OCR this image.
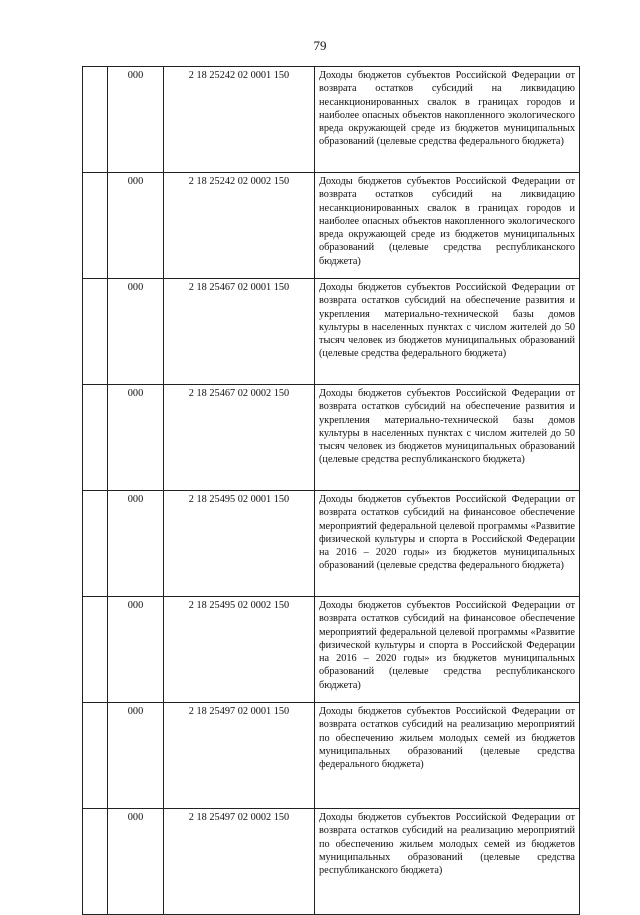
79
	000	2 18 25242 02 0001 150	Доходы бюджетов субъектов Российской Федерации от возврата остатков субсидий на ликвидацию несанкционированных свалок в границах городов и наиболее опасных объектов накопленного экологического вреда окружающей среде из бюджетов муниципальных образований (целевые средства федерального бюджета)
	000	2 18 25242 02 0002 150	Доходы бюджетов субъектов Российской Федерации от возврата остатков субсидий на ликвидацию несанкционированных свалок в границах городов и наиболее опасных объектов накопленного экологического вреда окружающей среде из бюджетов муниципальных образований (целевые средства республиканского бюджета)
	000	2 18 25467 02 0001 150	Доходы бюджетов субъектов Российской Федерации от возврата остатков субсидий на обеспечение развития и укрепления материально-технической базы домов культуры в населенных пунктах с числом жителей до 50 тысяч человек из бюджетов муниципальных образований (целевые средства федерального бюджета)
	000	2 18 25467 02 0002 150	Доходы бюджетов субъектов Российской Федерации от возврата остатков субсидий на обеспечение развития и укрепления материально-технической базы домов культуры в населенных пунктах с числом жителей до 50 тысяч человек из бюджетов муниципальных образований (целевые средства республиканского бюджета)
	000	2 18 25495 02 0001 150	Доходы бюджетов субъектов Российской Федерации от возврата остатков субсидий на финансовое обеспечение мероприятий федеральной целевой программы «Развитие физической культуры и спорта в Российской Федерации на 2016 – 2020 годы» из бюджетов муниципальных образований (целевые средства федерального бюджета)
	000	2 18 25495 02 0002 150	Доходы бюджетов субъектов Российской Федерации от возврата остатков субсидий на финансовое обеспечение мероприятий федеральной целевой программы «Развитие физической культуры и спорта в Российской Федерации на 2016 – 2020 годы» из бюджетов муниципальных образований (целевые средства республиканского бюджета)
	000	2 18 25497 02 0001 150	Доходы бюджетов субъектов Российской Федерации от возврата остатков субсидий на реализацию мероприятий по обеспечению жильем молодых семей из бюджетов муниципальных образований (целевые средства федерального бюджета)
	000	2 18 25497 02 0002 150	Доходы бюджетов субъектов Российской Федерации от возврата остатков субсидий на реализацию мероприятий по обеспечению жильем молодых семей из бюджетов муниципальных образований (целевые средства республиканского бюджета)
